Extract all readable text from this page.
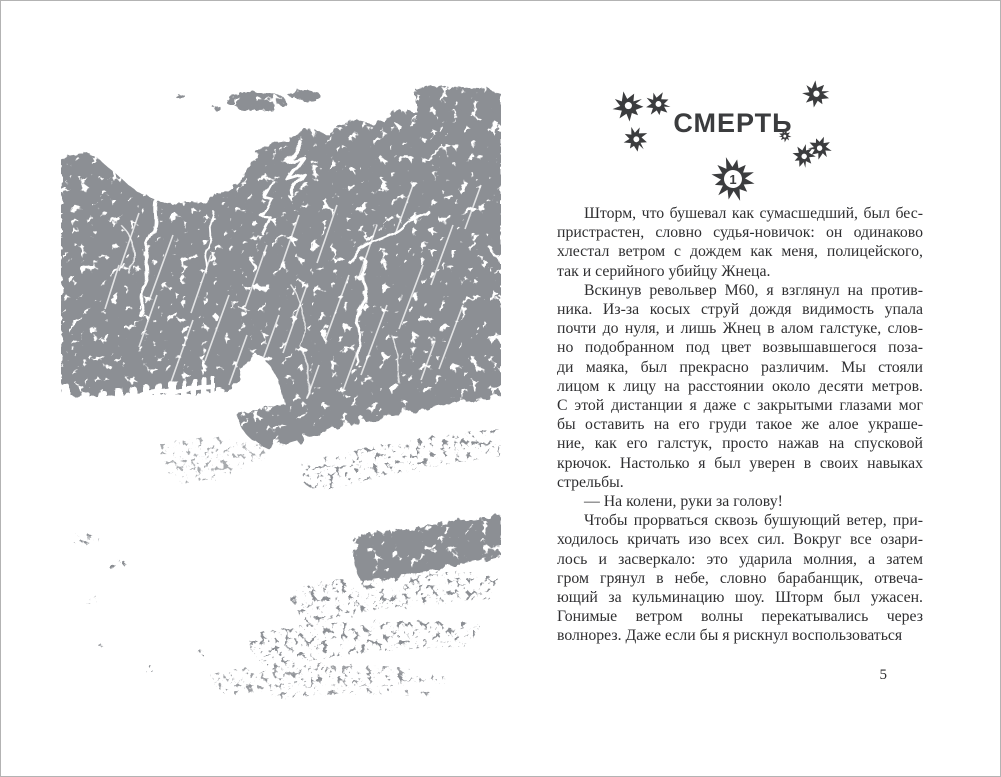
СМЕРТЬ
1
Шторм, что бушевал как сумасшедший, был бес-
пристрастен, словно судья-новичок: он одинаково
хлестал ветром с дождем как меня, полицейского,
так и серийного убийцу Жнеца.
Вскинув револьвер М60, я взглянул на против-
ника. Из-за косых струй дождя видимость упала
почти до нуля, и лишь Жнец в алом галстуке, слов-
но подобранном под цвет возвышавшегося поза-
ди маяка, был прекрасно различим. Мы стояли
лицом к лицу на расстоянии около десяти метров.
С этой дистанции я даже с закрытыми глазами мог
бы оставить на его груди такое же алое украше-
ние, как его галстук, просто нажав на спусковой
крючок. Настолько я был уверен в своих навыках
стрельбы.
— На колени, руки за голову!
Чтобы прорваться сквозь бушующий ветер, при-
ходилось кричать изо всех сил. Вокруг все озари-
лось и засверкало: это ударила молния, а затем
гром грянул в небе, словно барабанщик, отвеча-
ющий за кульминацию шоу. Шторм был ужасен.
Гонимые ветром волны перекатывались через
волнорез. Даже если бы я рискнул воспользоваться
5
